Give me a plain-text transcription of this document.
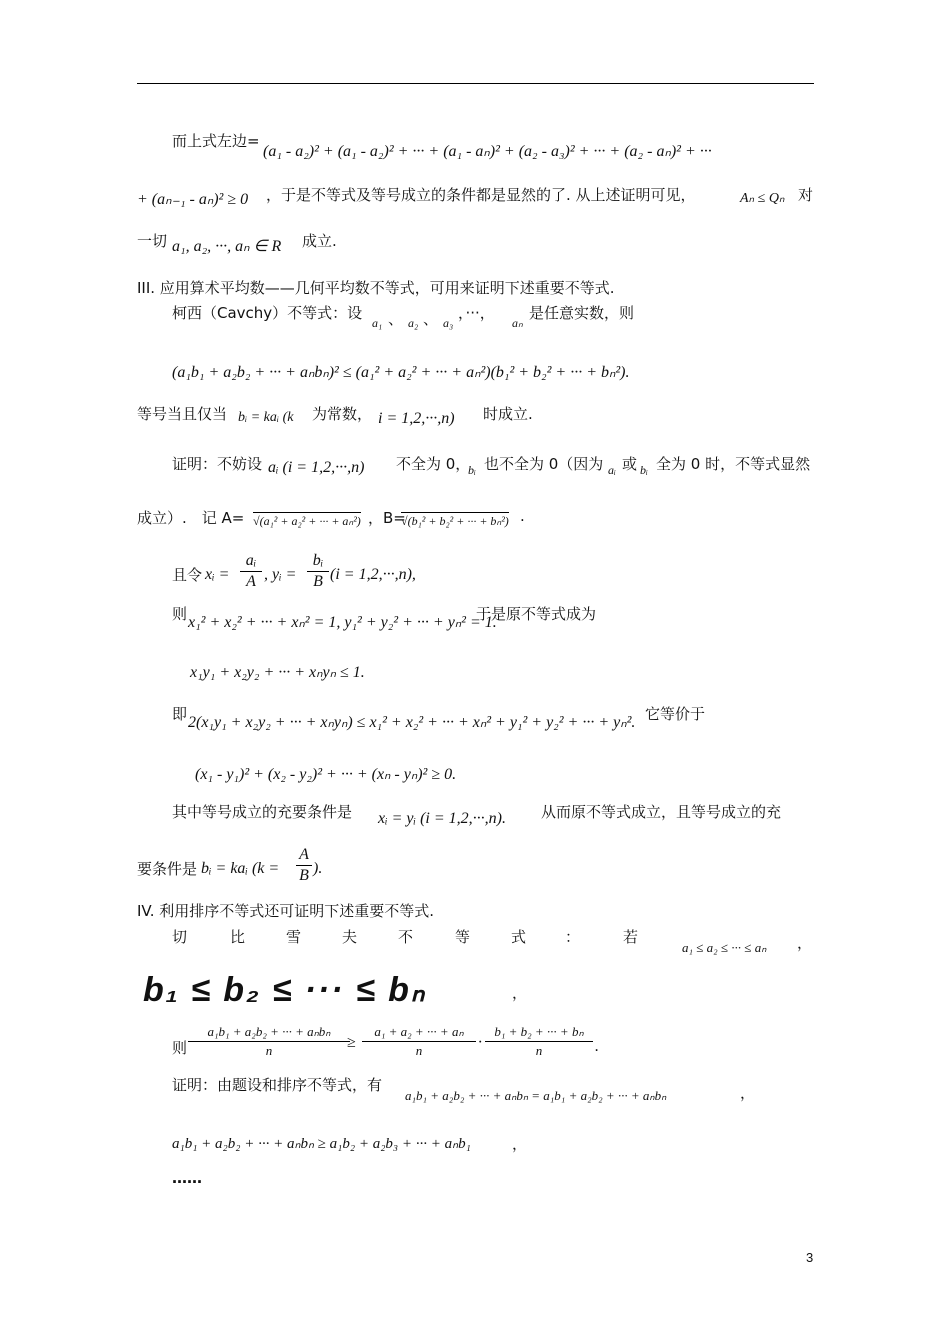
而上式左边=
(a₁ - a₂)² + (a₁ - a₂)² + ··· + (a₁ - aₙ)² + (a₂ - a₃)² + ··· + (a₂ - aₙ)² + ···
+ (aₙ₋₁ - aₙ)² ≥ 0 ，于是不等式及等号成立的条件都是显然的了. 从上述证明可见，	Aₙ ≤ Qₙ 对
一切 a₁, a₂, ···, aₙ ∈ R 成立.
III. 应用算术平均数——几何平均数不等式，可用来证明下述重要不等式.
柯西（Cavchy）不等式：设
a₁ 、 a₂ 、 a₃
，···，
aₙ
是任意实数，则
(a₁b₁ + a₂b₂ + ··· + aₙbₙ)² ≤ (a₁² + a₂² + ··· + aₙ²)(b₁² + b₂² + ··· + bₙ²).
等号当且仅当 bᵢ = kaᵢ (k 为常数， i = 1,2,···,n) 时成立.
证明：不妨设 aᵢ (i = 1,2,···,n) 不全为 0，
bᵢ 也不全为 0（因为 aᵢ 或 bᵢ 全为 0 时，不等式显然
成立）.　记 A= √(a₁² + a₂² + ··· + aₙ²) ，B=
√(b₁² + b₂² + ··· + bₙ²) .
且令 xᵢ =
aᵢ
A , yᵢ =
bᵢ
B (i = 1,2,···,n),
则 x₁² + x₂² + ··· + xₙ² = 1, y₁² + y₂² + ··· + yₙ² = 1.
于是原不等式成为
x₁y₁ + x₂y₂ + ··· + xₙyₙ ≤ 1.
即 2(x₁y₁ + x₂y₂ + ··· + xₙyₙ) ≤ x₁² + x₂² + ··· + xₙ² + y₁² + y₂² + ··· + yₙ². 它等价于
(x₁ - y₁)² + (x₂ - y₂)² + ··· + (xₙ - yₙ)² ≥ 0.
其中等号成立的充要条件是 xᵢ = yᵢ (i = 1,2,···,n). 从而原不等式成立，且等号成立的充
要条件是 bᵢ = kaᵢ (k =
A
B ).
IV. 利用排序不等式还可证明下述重要不等式.
切	比	雪	夫	不	等	式	：	若
a₁ ≤ a₂ ≤ ··· ≤ aₙ ，
b₁ ≤ b₂ ≤ ··· ≤ bₙ	，
则
a₁b₁ + a₂b₂ + ··· + aₙbₙ
n	≥
a₁ + a₂ + ··· + aₙ
n	·
b₁ + b₂ + ··· + bₙ
n	.
证明：由题设和排序不等式，有
a₁b₁ + a₂b₂ + ··· + aₙbₙ = a₁b₁ + a₂b₂ + ··· + aₙbₙ	，
a₁b₁ + a₂b₂ + ··· + aₙbₙ ≥ a₁b₂ + a₂b₃ + ··· + aₙb₁	，
……
3
